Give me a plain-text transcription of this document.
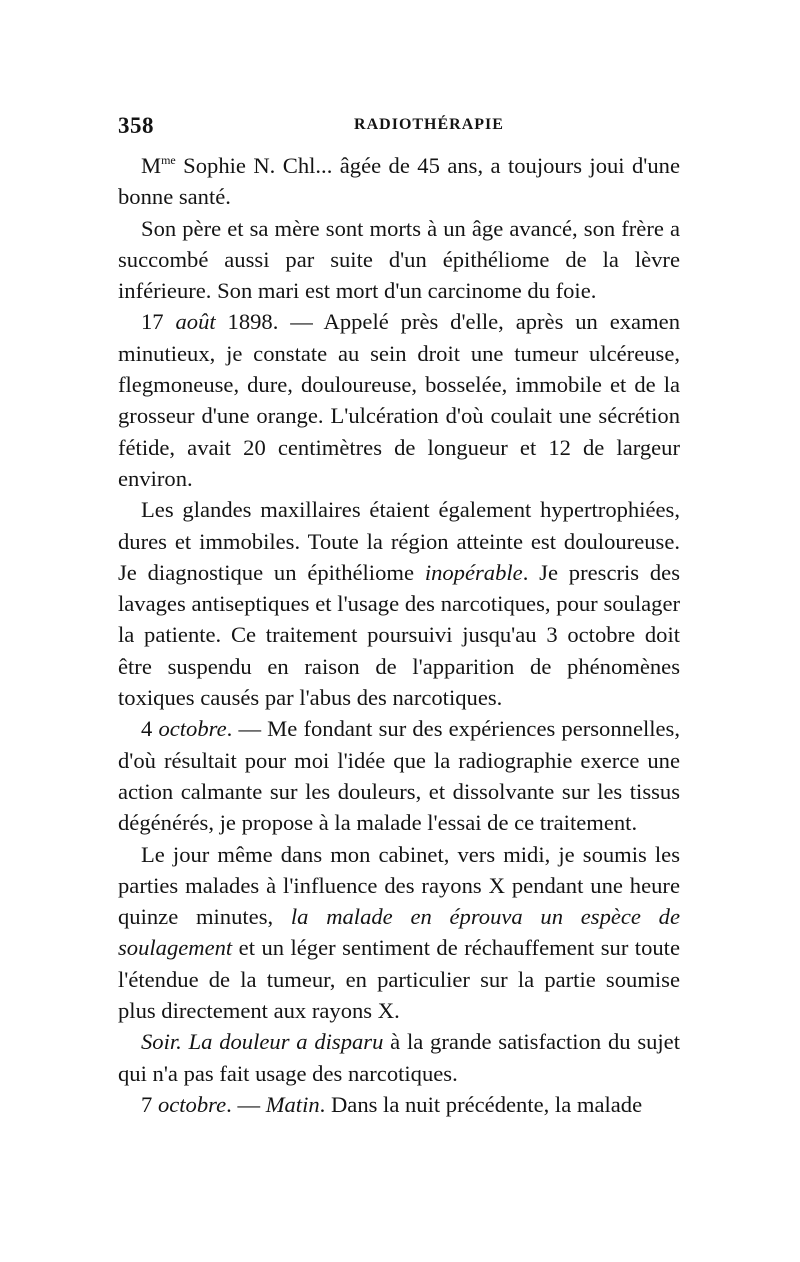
358	RADIOTHÉRAPIE

$M^{me}$ Sophie N. Chl... âgée de 45 ans, a toujours joui d'une bonne santé.

Son père et sa mère sont morts à un âge avancé, son frère a succombé aussi par suite d'un épithéliome de la lèvre inférieure. Son mari est mort d'un carcinome du foie.

17 août 1898. — Appelé près d'elle, après un examen minutieux, je constate au sein droit une tumeur ulcéreuse, flegmoneuse, dure, douloureuse, bosselée, immobile et de la grosseur d'une orange. L'ulcération d'où coulait une sécrétion fétide, avait 20 centimètres de longueur et 12 de largeur environ.

Les glandes maxillaires étaient également hypertrophiées, dures et immobiles. Toute la région atteinte est douloureuse. Je diagnostique un épithéliome inopérable. Je prescris des lavages antiseptiques et l'usage des narcotiques, pour soulager la patiente. Ce traitement poursuivi jusqu'au 3 octobre doit être suspendu en raison de l'apparition de phénomènes toxiques causés par l'abus des narcotiques.

4 octobre. — Me fondant sur des expériences personnelles, d'où résultait pour moi l'idée que la radiographie exerce une action calmante sur les douleurs, et dissolvante sur les tissus dégénérés, je propose à la malade l'essai de ce traitement.

Le jour même dans mon cabinet, vers midi, je soumis les parties malades à l'influence des rayons X pendant une heure quinze minutes, la malade en éprouva un espèce de soulagement et un léger sentiment de réchauffement sur toute l'étendue de la tumeur, en particulier sur la partie soumise plus directement aux rayons X.

Soir. La douleur a disparu à la grande satisfaction du sujet qui n'a pas fait usage des narcotiques.

7 octobre. — Matin. Dans la nuit précédente, la malade
